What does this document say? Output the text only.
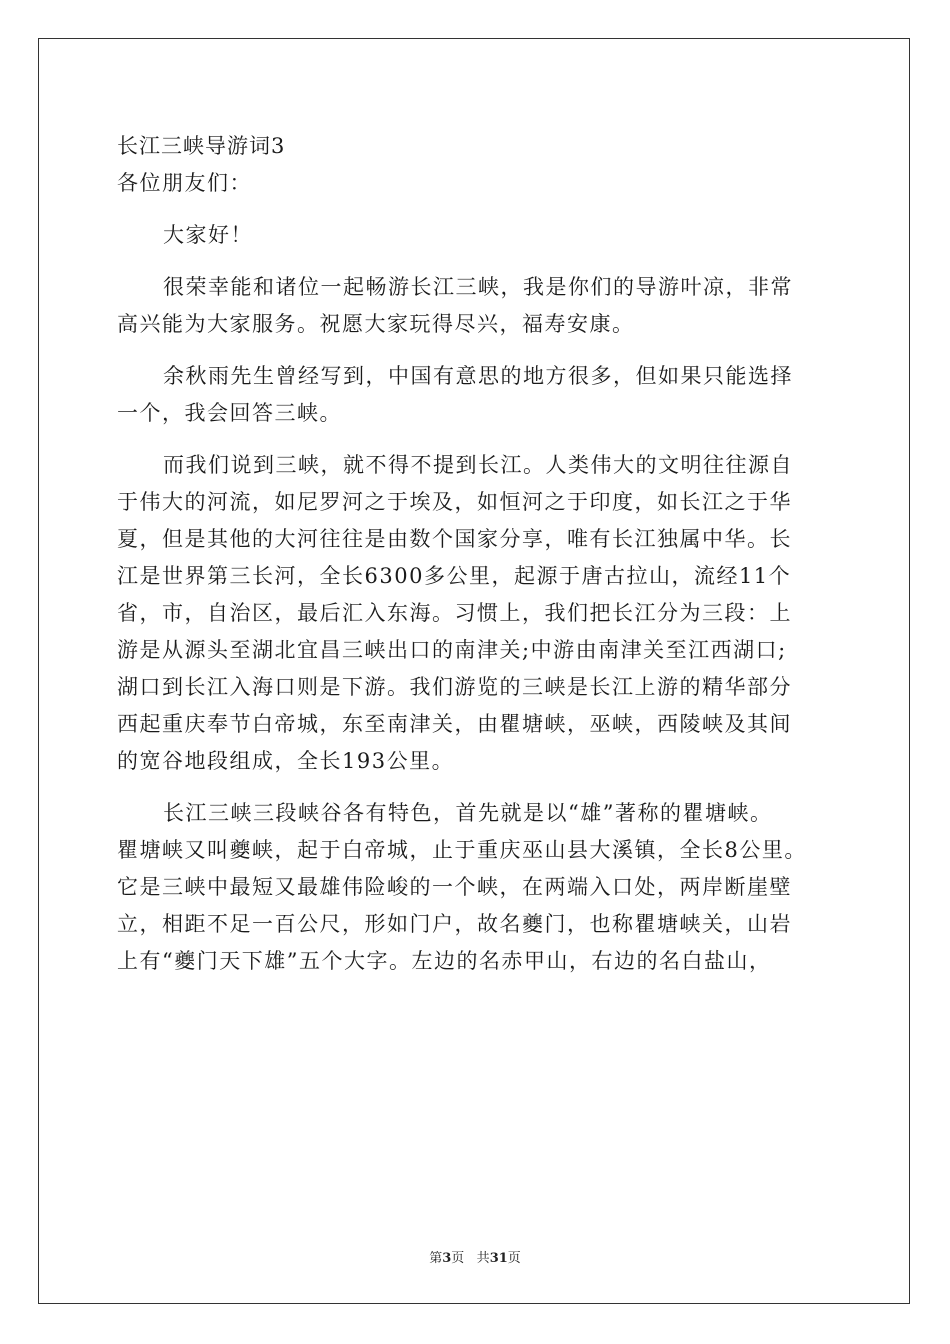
长江三峡导游词3
各位朋友们：
大家好！
很荣幸能和诸位一起畅游长江三峡，我是你们的导游叶凉，非常
高兴能为大家服务。祝愿大家玩得尽兴，福寿安康。
余秋雨先生曾经写到，中国有意思的地方很多，但如果只能选择
一个，我会回答三峡。
而我们说到三峡，就不得不提到长江。人类伟大的文明往往源自
于伟大的河流，如尼罗河之于埃及，如恒河之于印度，如长江之于华
夏，但是其他的大河往往是由数个国家分享，唯有长江独属中华。长
江是世界第三长河，全长6300多公里，起源于唐古拉山，流经11个
省，市，自治区，最后汇入东海。习惯上，我们把长江分为三段：上
游是从源头至湖北宜昌三峡出口的南津关;中游由南津关至江西湖口;
湖口到长江入海口则是下游。我们游览的三峡是长江上游的精华部分
西起重庆奉节白帝城，东至南津关，由瞿塘峡，巫峡，西陵峡及其间
的宽谷地段组成，全长193公里。
长江三峡三段峡谷各有特色，首先就是以“雄”著称的瞿塘峡。
瞿塘峡又叫夔峡，起于白帝城，止于重庆巫山县大溪镇，全长8公里。
它是三峡中最短又最雄伟险峻的一个峡，在两端入口处，两岸断崖壁
立，相距不足一百公尺，形如门户，故名夔门，也称瞿塘峡关，山岩
上有“夔门天下雄”五个大字。左边的名赤甲山，右边的名白盐山，
第3页 共31页
